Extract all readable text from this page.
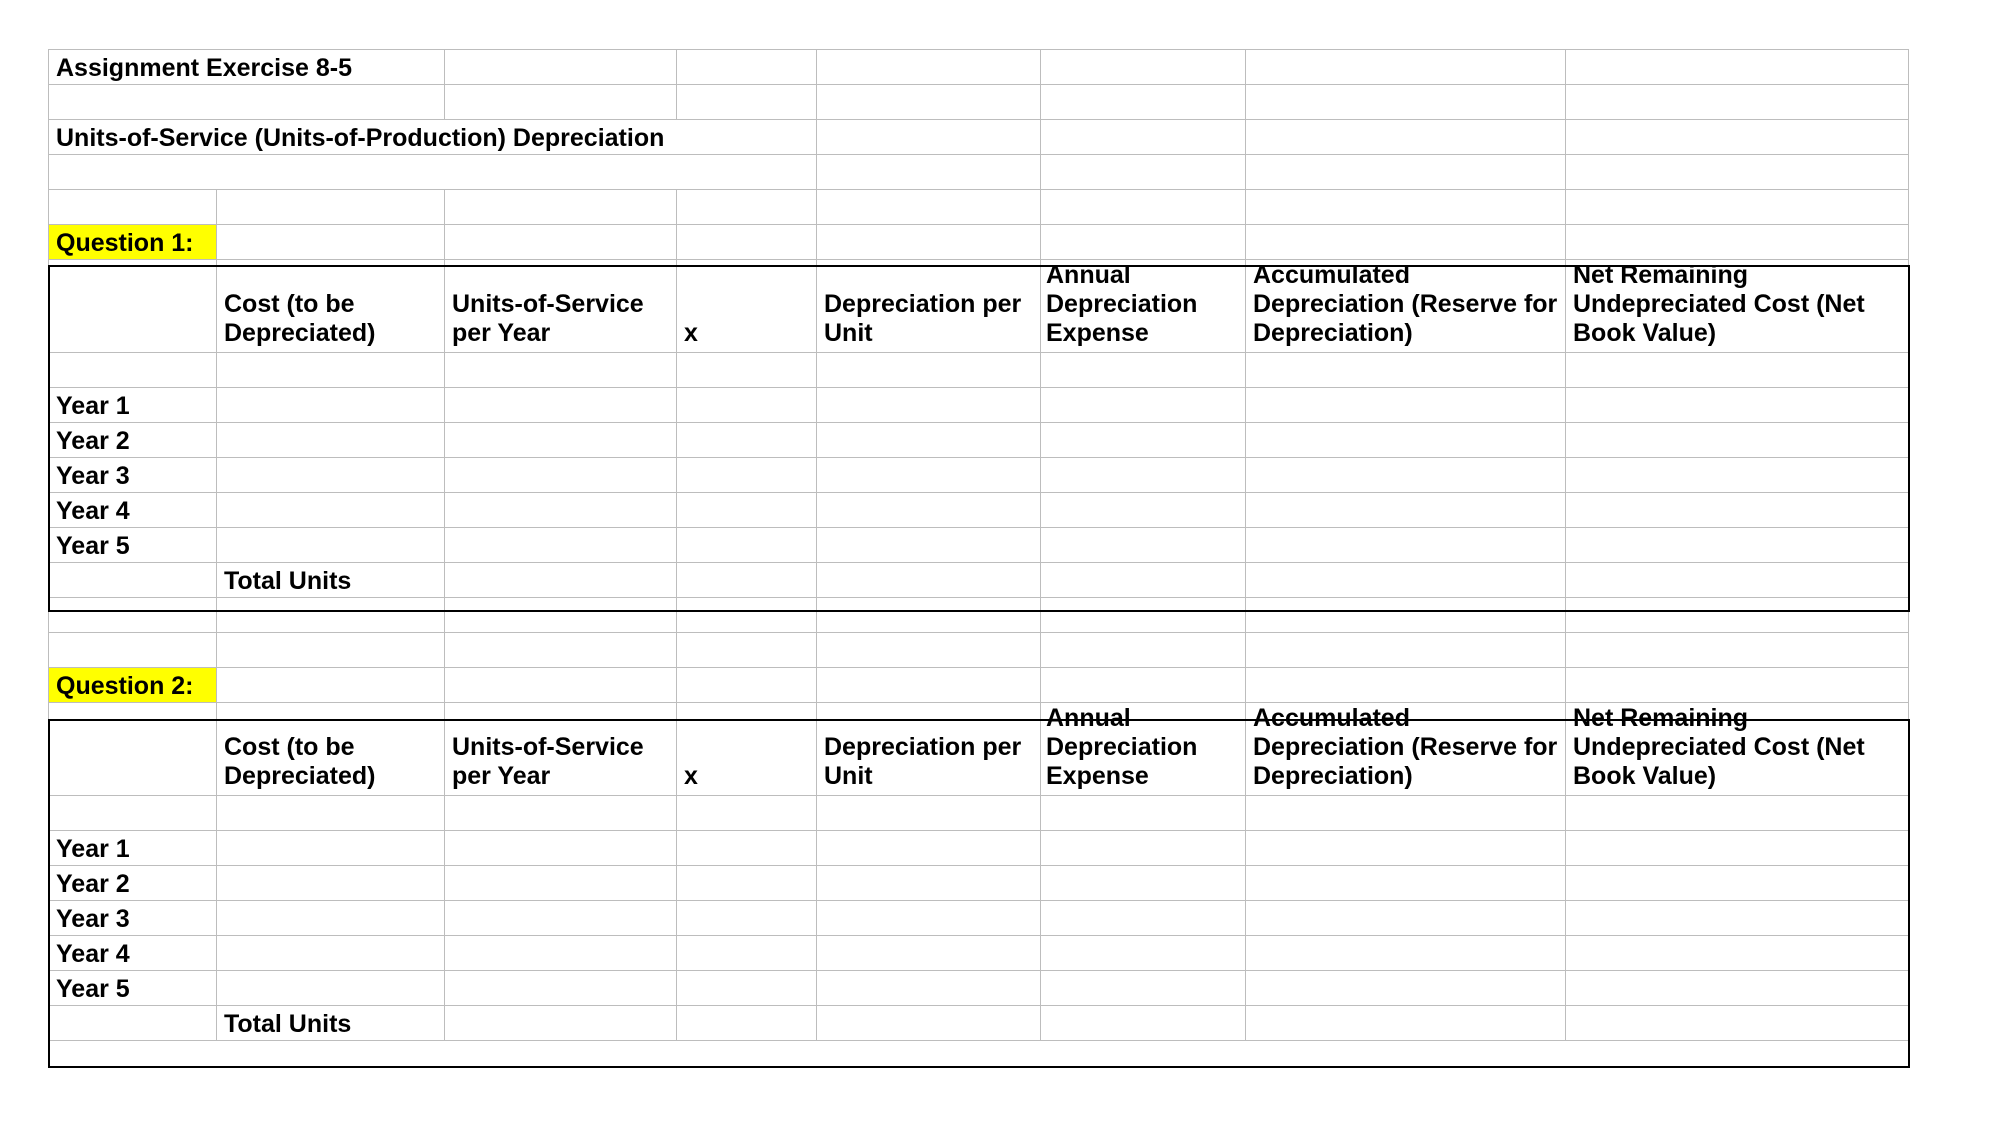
Assignment Exercise 8-5							

Units-of-Service (Units-of-Production) Depreciation							

Question 1:							
	Cost (to be Depreciated)	Units-of-Service per Year	x	Depreciation per Unit	Annual Depreciation Expense	Accumulated Depreciation (Reserve for Depreciation)	Net Remaining Undepreciated Cost (Net Book Value)

Year 1							
Year 2							
Year 3							
Year 4							
Year 5							
	Total Units						

Question 2:							
	Cost (to be Depreciated)	Units-of-Service per Year	x	Depreciation per Unit	Annual Depreciation Expense	Accumulated Depreciation (Reserve for Depreciation)	Net Remaining Undepreciated Cost (Net Book Value)

Year 1							
Year 2							
Year 3							
Year 4							
Year 5							
	Total Units						
